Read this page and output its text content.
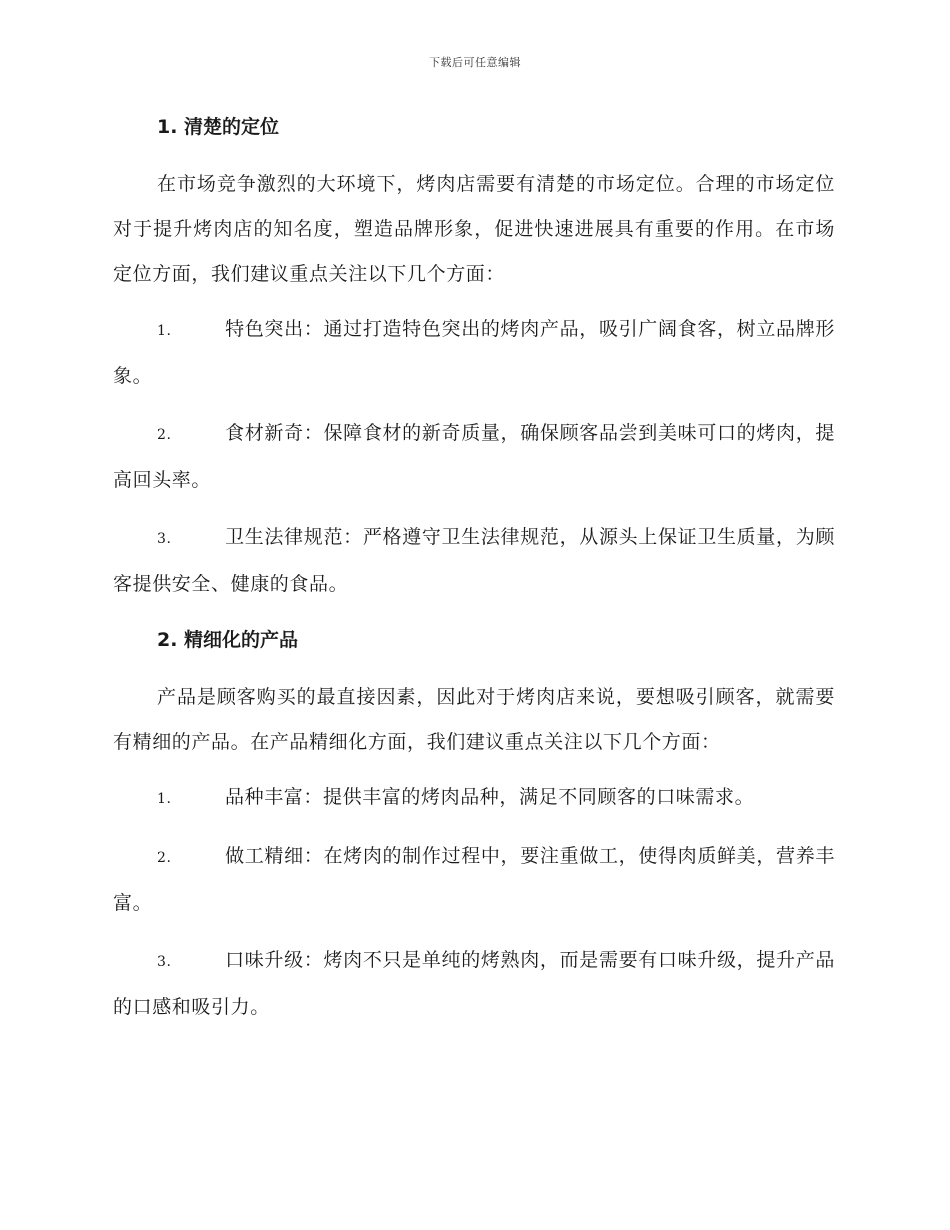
下载后可任意编辑
1. 清楚的定位

在市场竞争激烈的大环境下，烤肉店需要有清楚的市场定位。合理的市场定位对于提升烤肉店的知名度，塑造品牌形象，促进快速进展具有重要的作用。在市场定位方面，我们建议重点关注以下几个方面：

1.	特色突出：通过打造特色突出的烤肉产品，吸引广阔食客，树立品牌形象。
2.	食材新奇：保障食材的新奇质量，确保顾客品尝到美味可口的烤肉，提高回头率。
3.	卫生法律规范：严格遵守卫生法律规范，从源头上保证卫生质量，为顾客提供安全、健康的食品。
2. 精细化的产品

产品是顾客购买的最直接因素，因此对于烤肉店来说，要想吸引顾客，就需要有精细的产品。在产品精细化方面，我们建议重点关注以下几个方面：

1.	品种丰富：提供丰富的烤肉品种，满足不同顾客的口味需求。
2.	做工精细：在烤肉的制作过程中，要注重做工，使得肉质鲜美，营养丰富。
3.	口味升级：烤肉不只是单纯的烤熟肉，而是需要有口味升级，提升产品的口感和吸引力。
